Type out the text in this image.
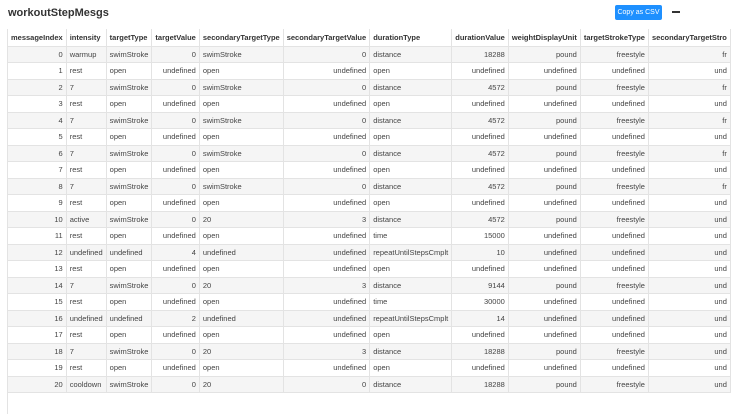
workoutStepMesgs	Copy as CSV
messageIndex	intensity	targetType	targetValue	secondaryTargetType	secondaryTargetValue	durationType	durationValue	weightDisplayUnit	targetStrokeType	secondaryTargetStro
0	warmup	swimStroke	0	swimStroke	0	distance	18288	pound	freestyle	fr
1	rest	open	undefined	open	undefined	open	undefined	undefined	undefined	und
2	7	swimStroke	0	swimStroke	0	distance	4572	pound	freestyle	fr
3	rest	open	undefined	open	undefined	open	undefined	undefined	undefined	und
4	7	swimStroke	0	swimStroke	0	distance	4572	pound	freestyle	fr
5	rest	open	undefined	open	undefined	open	undefined	undefined	undefined	und
6	7	swimStroke	0	swimStroke	0	distance	4572	pound	freestyle	fr
7	rest	open	undefined	open	undefined	open	undefined	undefined	undefined	und
8	7	swimStroke	0	swimStroke	0	distance	4572	pound	freestyle	fr
9	rest	open	undefined	open	undefined	open	undefined	undefined	undefined	und
10	active	swimStroke	0	20	3	distance	4572	pound	freestyle	und
11	rest	open	undefined	open	undefined	time	15000	undefined	undefined	und
12	undefined	undefined	4	undefined	undefined	repeatUntilStepsCmplt	10	undefined	undefined	und
13	rest	open	undefined	open	undefined	open	undefined	undefined	undefined	und
14	7	swimStroke	0	20	3	distance	9144	pound	freestyle	und
15	rest	open	undefined	open	undefined	time	30000	undefined	undefined	und
16	undefined	undefined	2	undefined	undefined	repeatUntilStepsCmplt	14	undefined	undefined	und
17	rest	open	undefined	open	undefined	open	undefined	undefined	undefined	und
18	7	swimStroke	0	20	3	distance	18288	pound	freestyle	und
19	rest	open	undefined	open	undefined	open	undefined	undefined	undefined	und
20	cooldown	swimStroke	0	20	0	distance	18288	pound	freestyle	und
